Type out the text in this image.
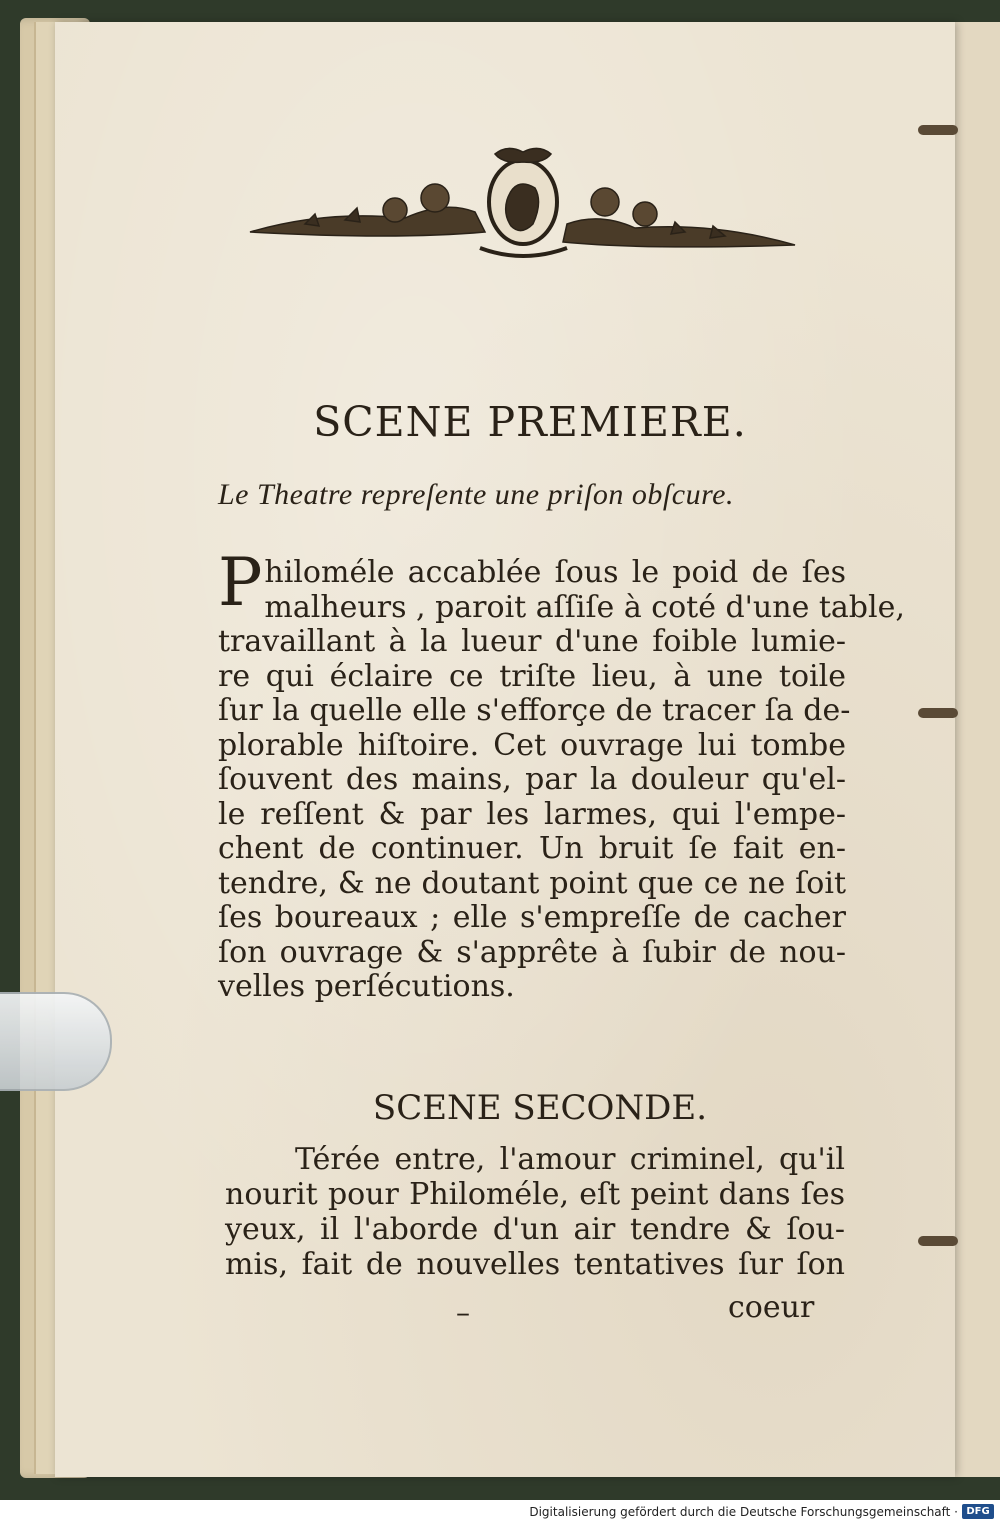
SCENE PREMIERE.
Le Theatre repreſente une priſon obſcure.
P hiloméle accablée ſous le poid de ſes
malheurs , paroit aſſiſe à coté d'une table,
travaillant à la lueur d'une foible lumie-
re qui éclaire ce triſte lieu, à une toile
ſur la quelle elle s'efforçe de tracer ſa de-
plorable hiſtoire. Cet ouvrage lui tombe
ſouvent des mains, par la douleur qu'el-
le reſſent & par les larmes, qui l'empe-
chent de continuer. Un bruit ſe fait en-
tendre, & ne doutant point que ce ne ſoit
ſes boureaux ; elle s'empreſſe de cacher
ſon ouvrage & s'apprête à ſubir de nou-
velles perſécutions.
SCENE SECONDE.
Térée entre, l'amour criminel, qu'il
nourit pour Philoméle, eſt peint dans ſes
yeux, il l'aborde d'un air tendre & ſou-
mis, fait de nouvelles tentatives ſur ſon
–	coeur
Digitalisierung gefördert durch die Deutsche Forschungsgemeinschaft · DFG
